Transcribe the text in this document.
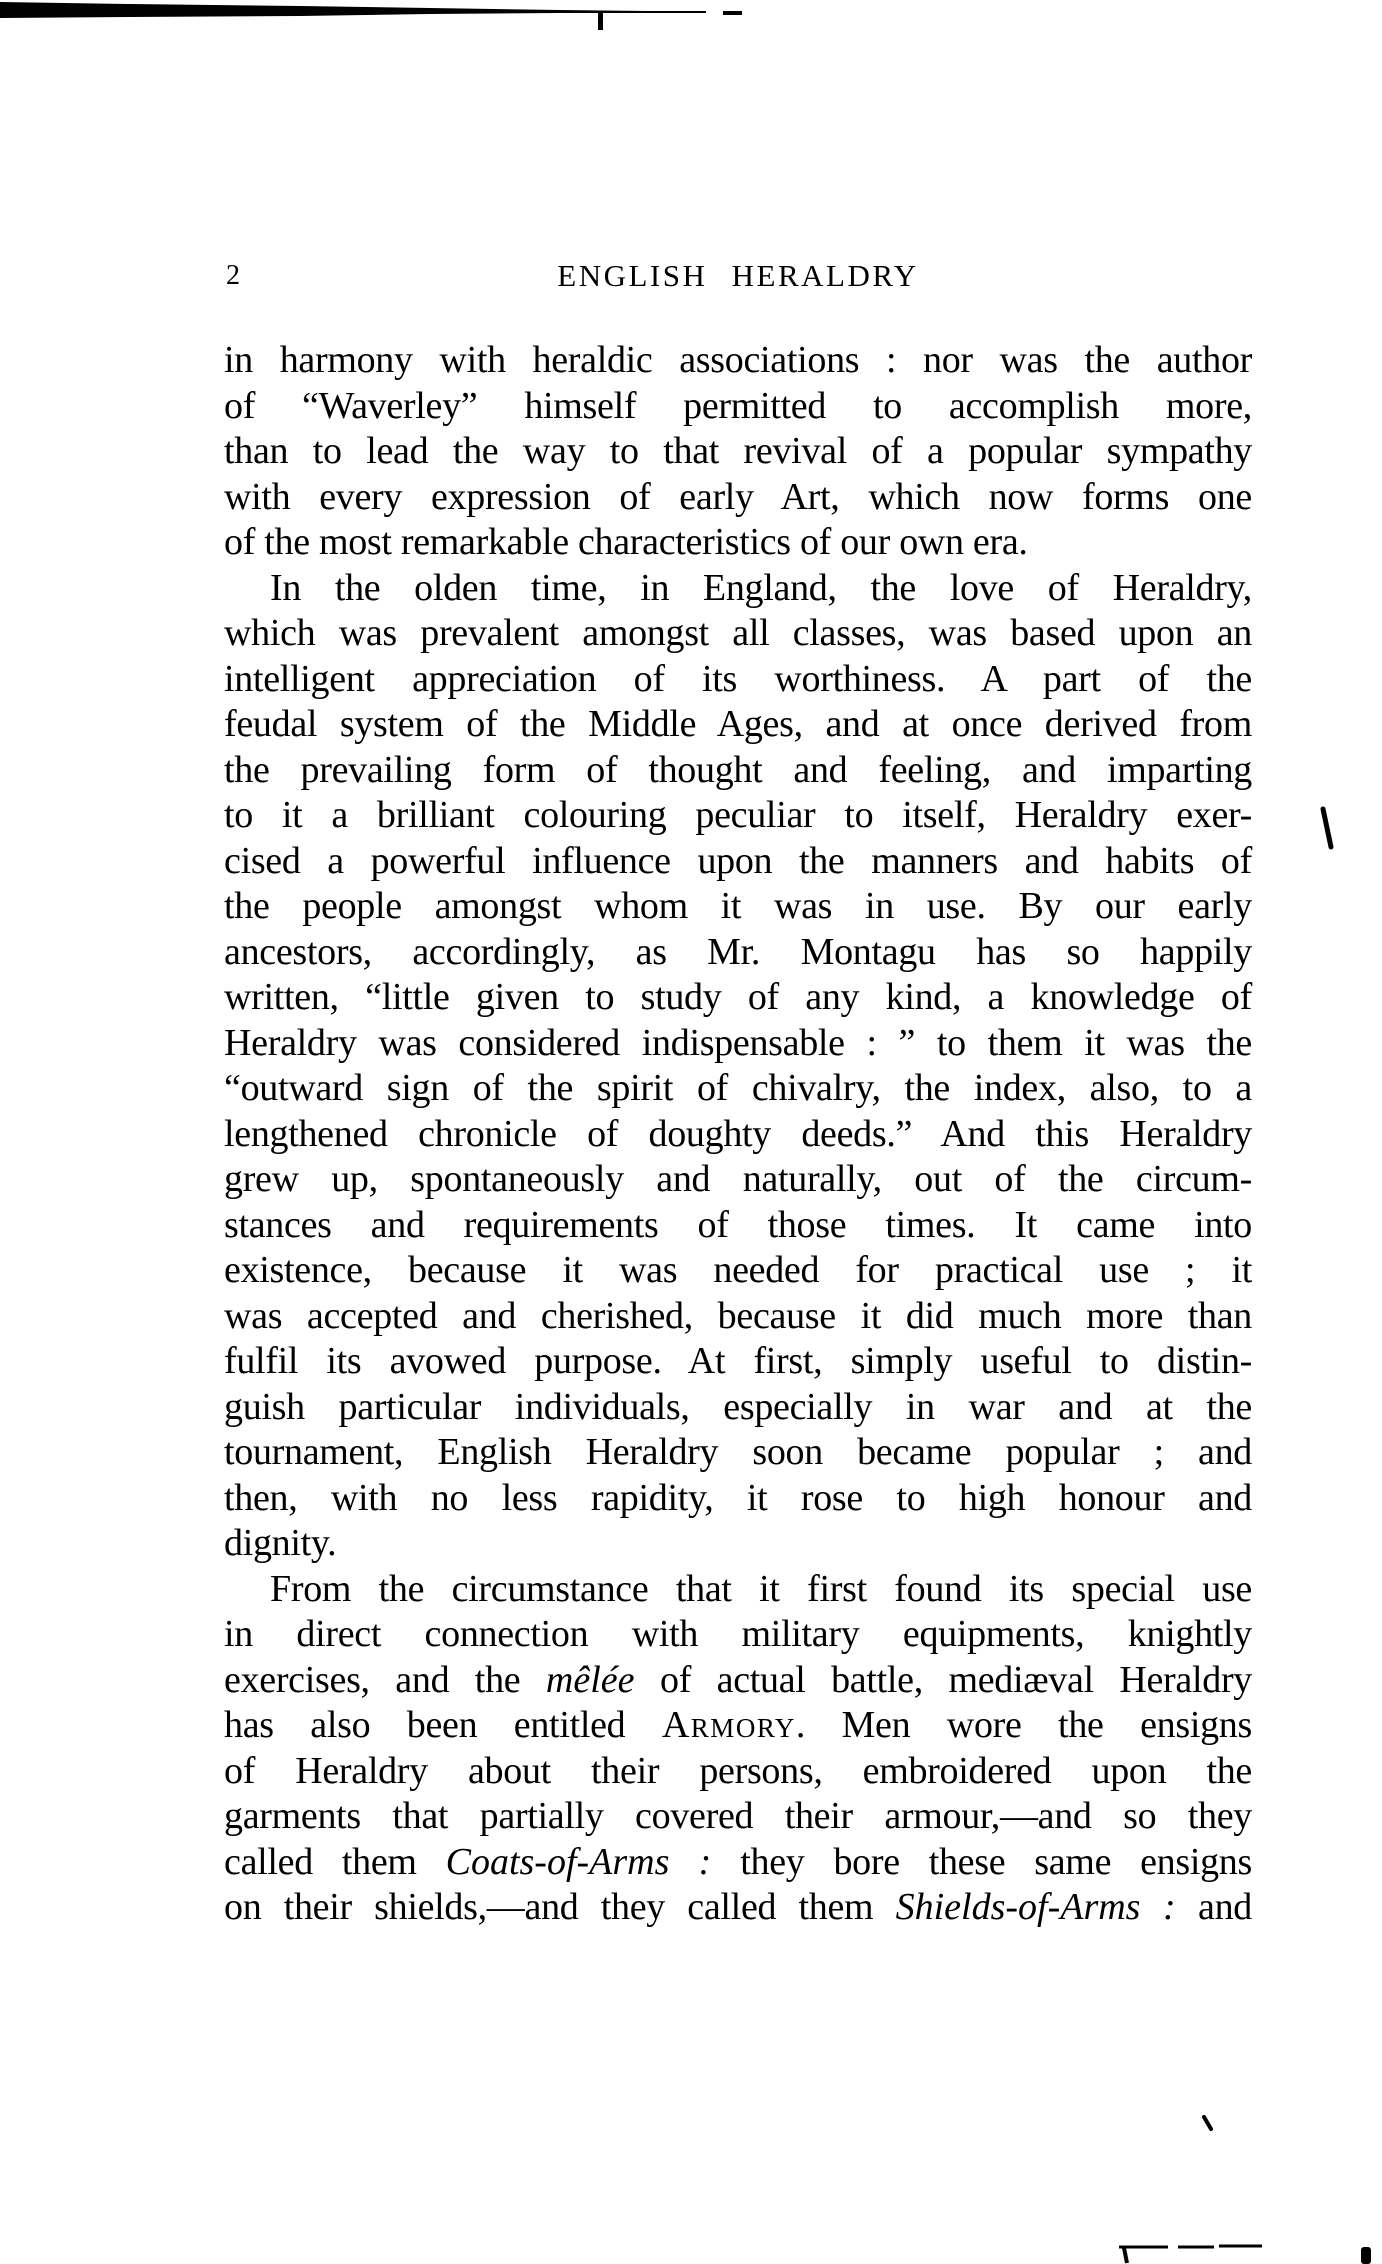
2	ENGLISH HERALDRY
in harmony with heraldic associations : nor was the author
of “Waverley” himself permitted to accomplish more,
than to lead the way to that revival of a popular sympathy
with every expression of early Art, which now forms one
of the most remarkable characteristics of our own era.
In the olden time, in England, the love of Heraldry,
which was prevalent amongst all classes, was based upon an
intelligent appreciation of its worthiness. A part of the
feudal system of the Middle Ages, and at once derived from
the prevailing form of thought and feeling, and imparting
to it a brilliant colouring peculiar to itself, Heraldry exer-
cised a powerful influence upon the manners and habits of
the people amongst whom it was in use. By our early
ancestors, accordingly, as Mr. Montagu has so happily
written, “little given to study of any kind, a knowledge of
Heraldry was considered indispensable : ” to them it was the
“outward sign of the spirit of chivalry, the index, also, to a
lengthened chronicle of doughty deeds.” And this Heraldry
grew up, spontaneously and naturally, out of the circum-
stances and requirements of those times. It came into
existence, because it was needed for practical use ; it
was accepted and cherished, because it did much more than
fulfil its avowed purpose. At first, simply useful to distin-
guish particular individuals, especially in war and at the
tournament, English Heraldry soon became popular ; and
then, with no less rapidity, it rose to high honour and
dignity.
From the circumstance that it first found its special use
in direct connection with military equipments, knightly
exercises, and the mêlée of actual battle, mediæval Heraldry
has also been entitled Armory. Men wore the ensigns
of Heraldry about their persons, embroidered upon the
garments that partially covered their armour,—and so they
called them Coats-of-Arms : they bore these same ensigns
on their shields,—and they called them Shields-of-Arms : and
